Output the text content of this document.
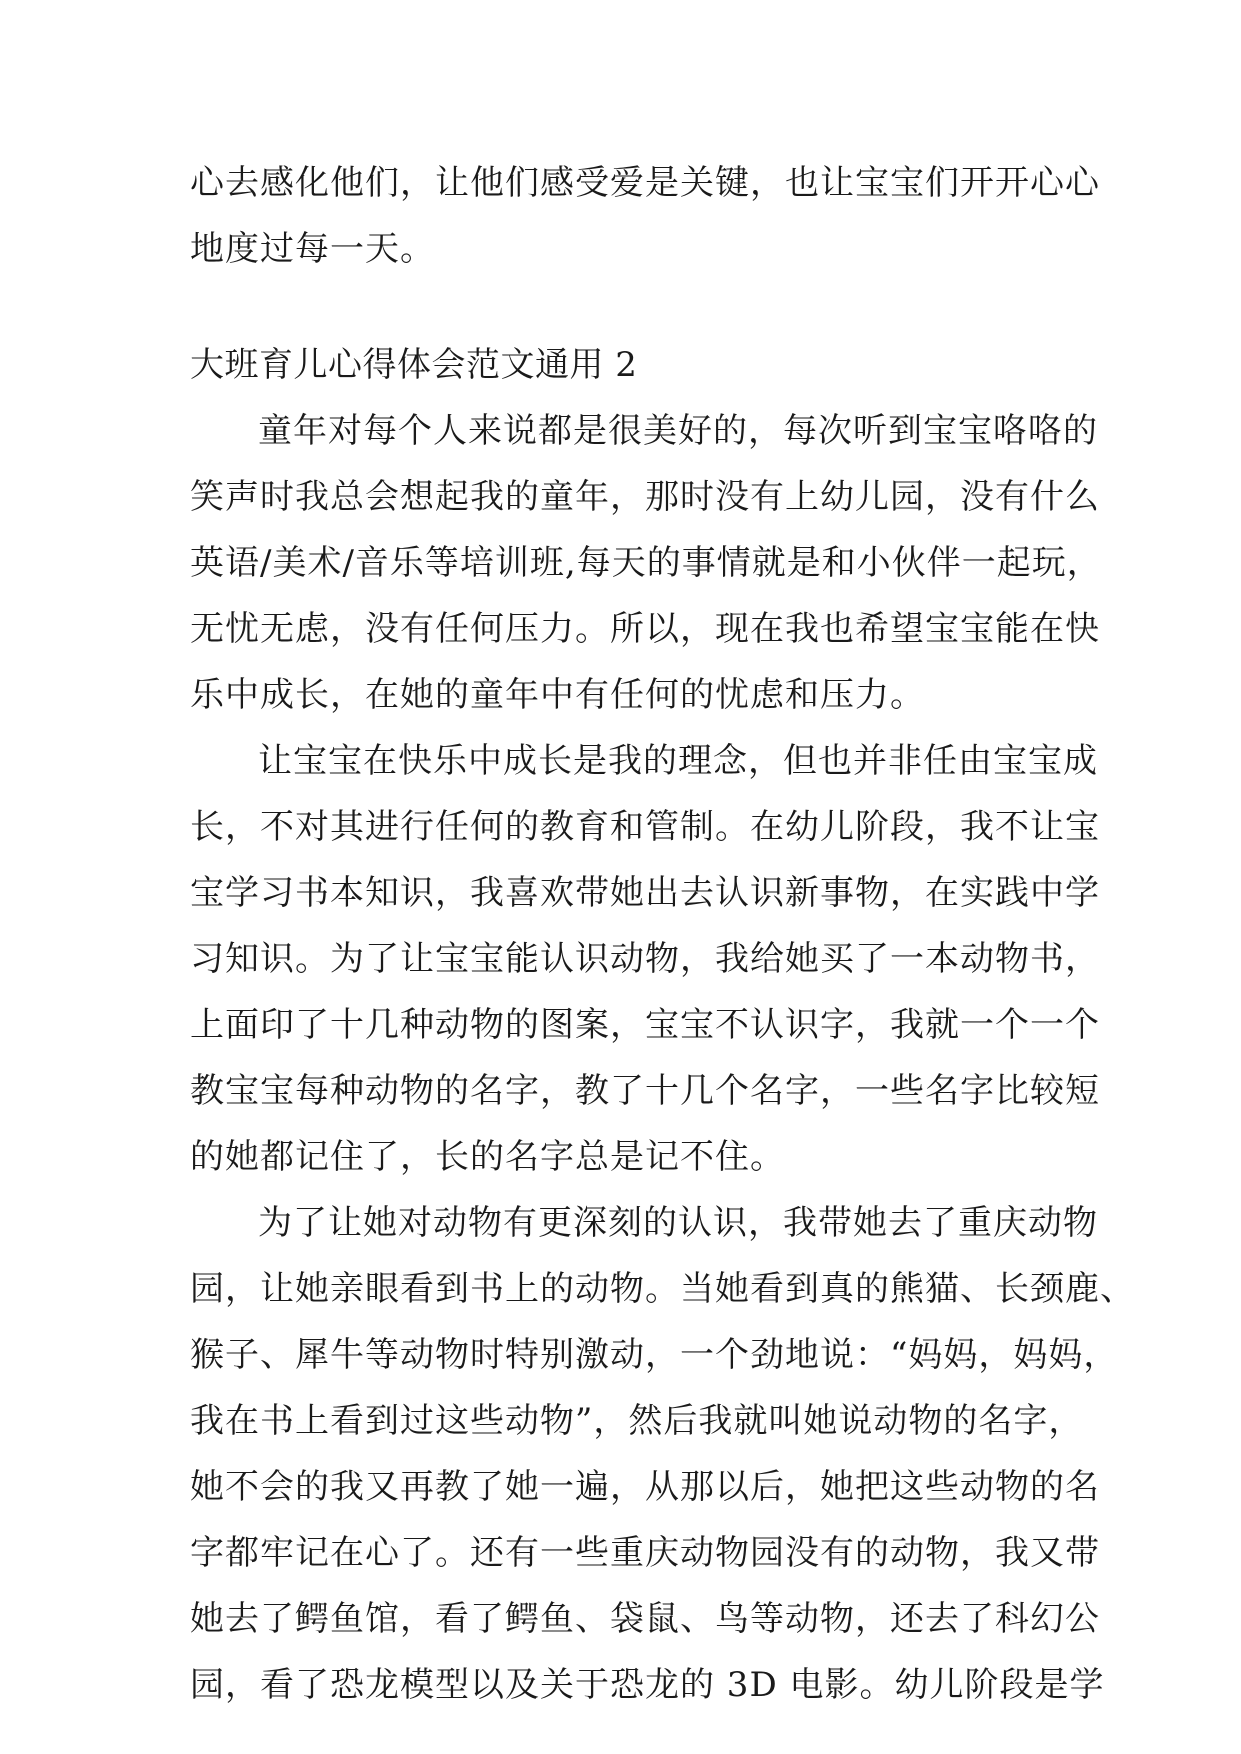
心去感化他们，让他们感受爱是关键，也让宝宝们开开心心
地度过每一天。
大班育儿心得体会范文通用 2
童年对每个人来说都是很美好的，每次听到宝宝咯咯的
笑声时我总会想起我的童年，那时没有上幼儿园，没有什么
英语/美术/音乐等培训班,每天的事情就是和小伙伴一起玩，
无忧无虑，没有任何压力。所以，现在我也希望宝宝能在快
乐中成长，在她的童年中有任何的忧虑和压力。
让宝宝在快乐中成长是我的理念，但也并非任由宝宝成
长，不对其进行任何的教育和管制。在幼儿阶段，我不让宝
宝学习书本知识，我喜欢带她出去认识新事物，在实践中学
习知识。为了让宝宝能认识动物，我给她买了一本动物书，
上面印了十几种动物的图案，宝宝不认识字，我就一个一个
教宝宝每种动物的名字，教了十几个名字，一些名字比较短
的她都记住了，长的名字总是记不住。
为了让她对动物有更深刻的认识，我带她去了重庆动物
园，让她亲眼看到书上的动物。当她看到真的熊猫、长颈鹿、
猴子、犀牛等动物时特别激动，一个劲地说：“妈妈，妈妈，
我在书上看到过这些动物”，然后我就叫她说动物的名字，
她不会的我又再教了她一遍，从那以后，她把这些动物的名
字都牢记在心了。还有一些重庆动物园没有的动物，我又带
她去了鳄鱼馆，看了鳄鱼、袋鼠、鸟等动物，还去了科幻公
园，看了恐龙模型以及关于恐龙的 3D 电影。幼儿阶段是学
